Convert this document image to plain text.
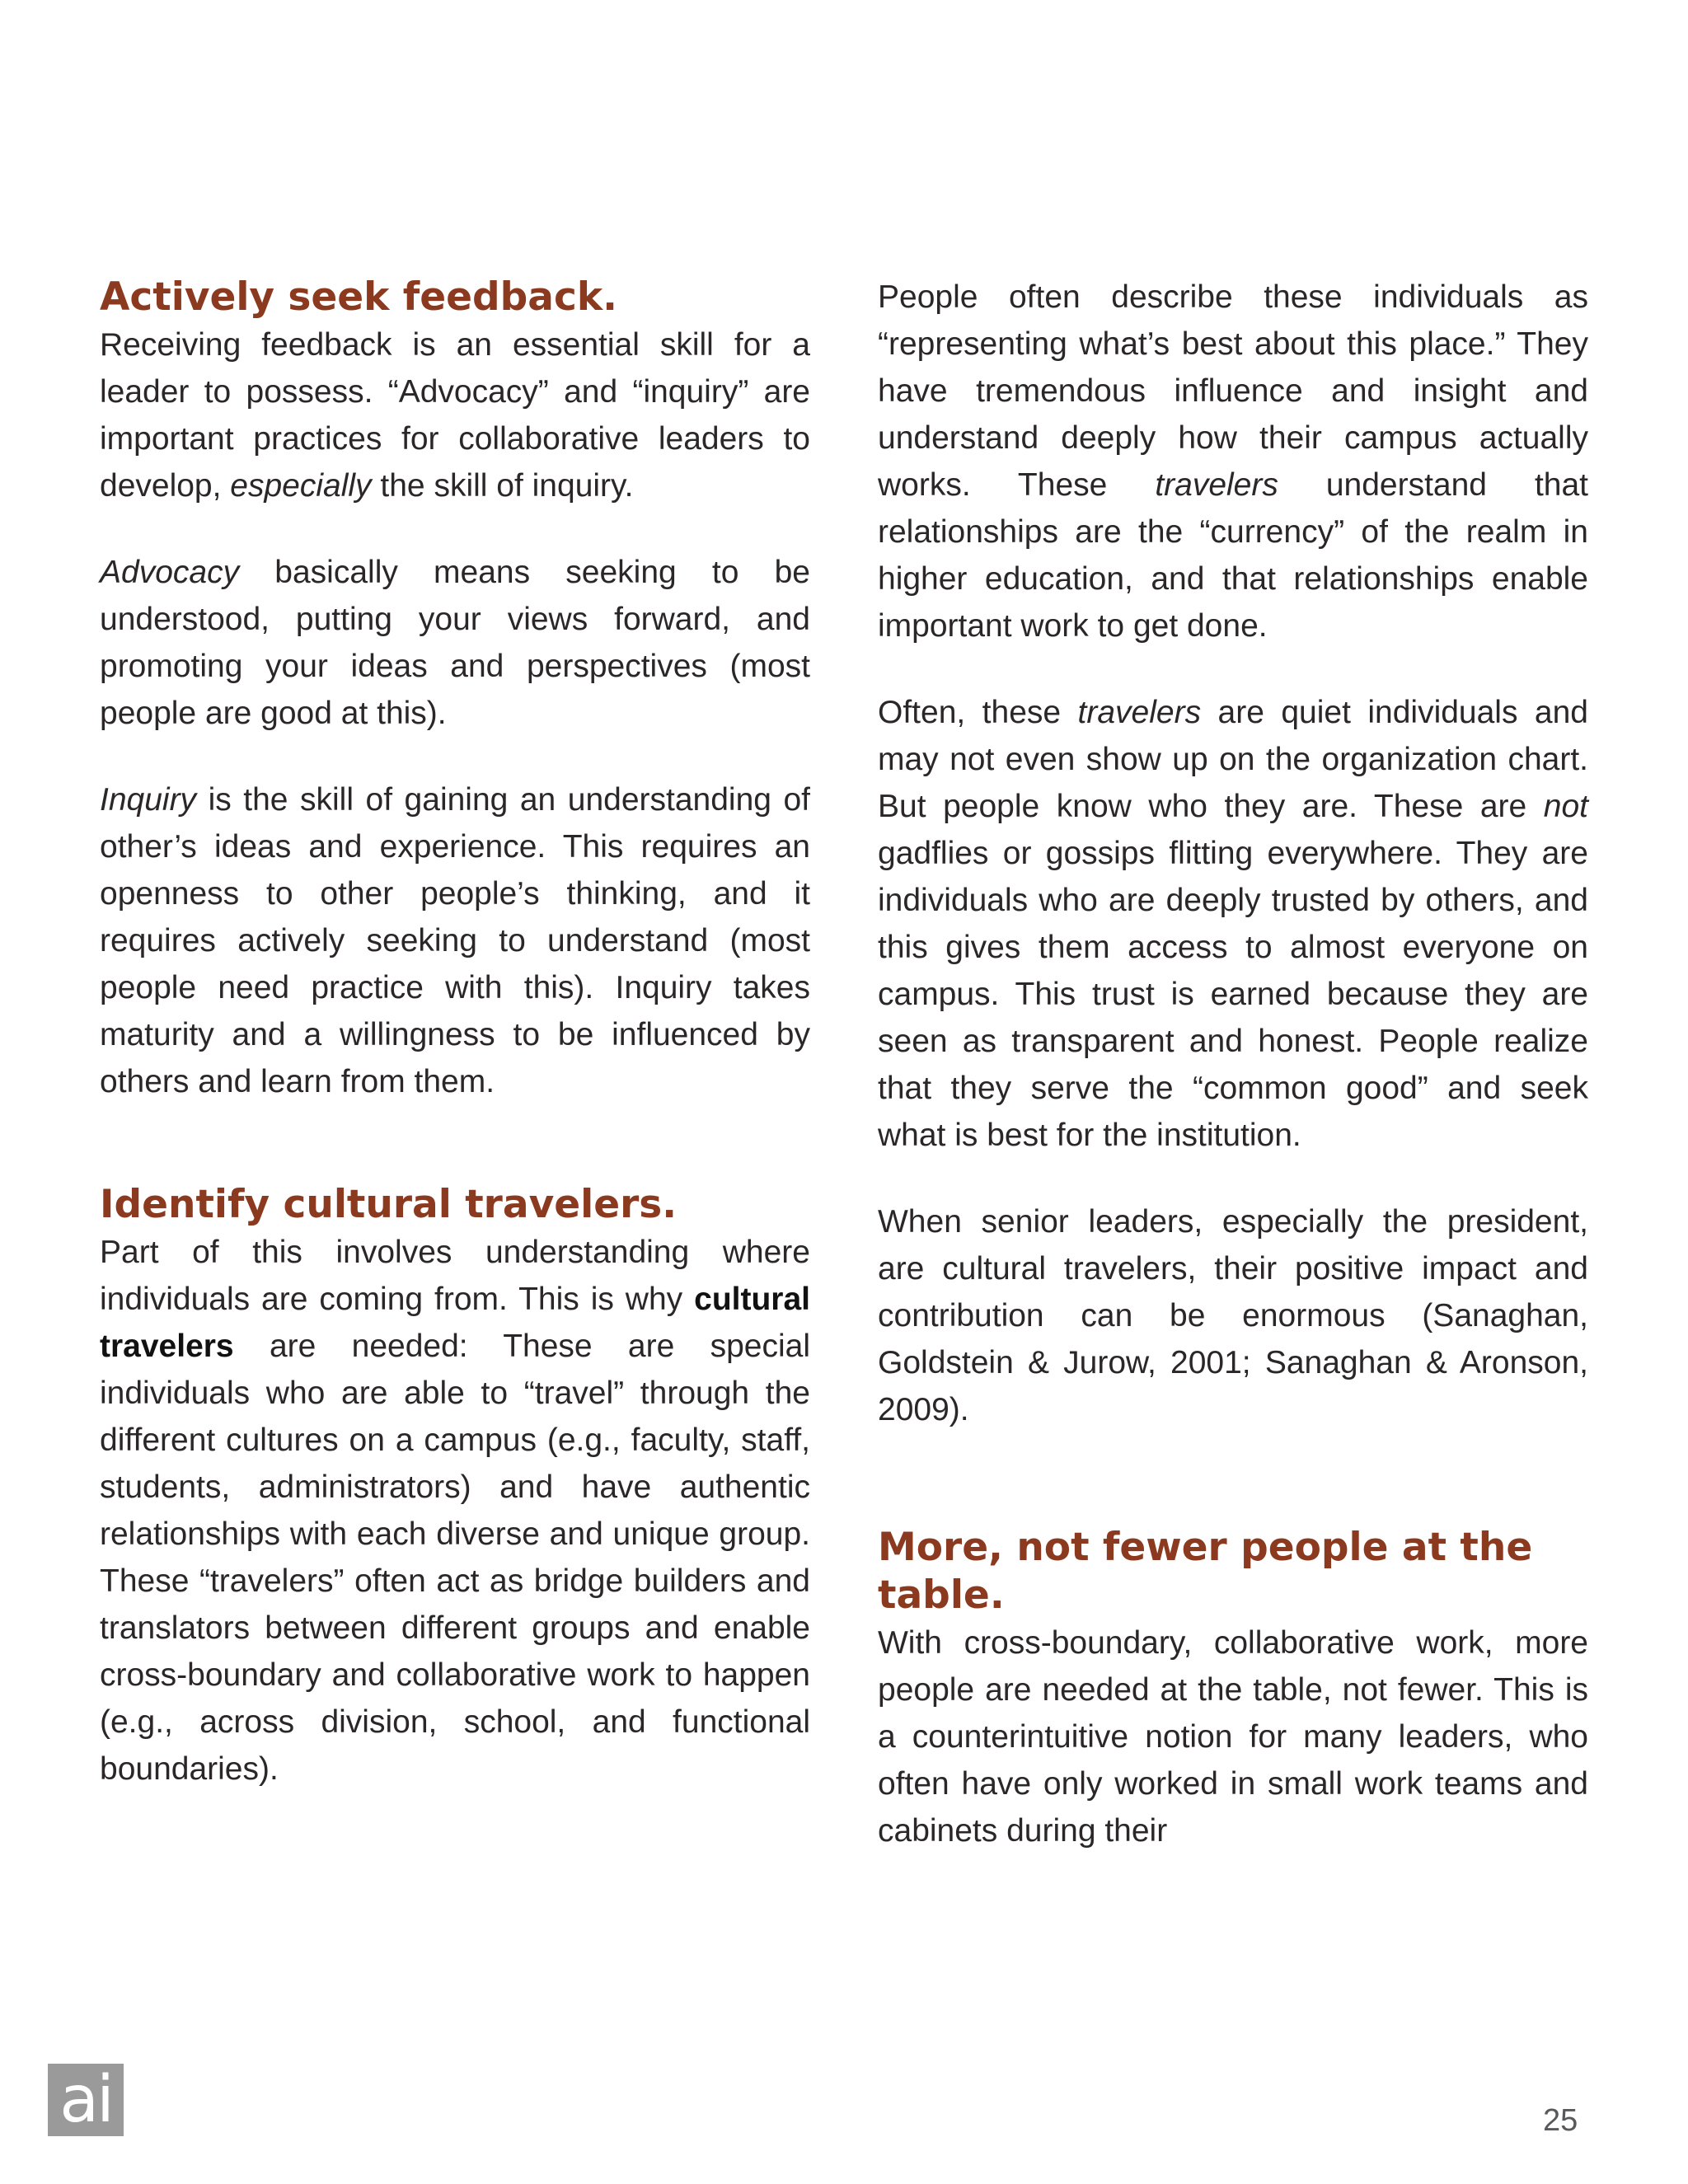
Actively seek feedback.

Receiving feedback is an essential skill for a leader to possess. “Advocacy” and “inquiry” are important practices for collaborative leaders to develop, especially the skill of inquiry.

Advocacy basically means seeking to be understood, putting your views forward, and promoting your ideas and perspectives (most people are good at this).

Inquiry is the skill of gaining an understanding of other’s ideas and experience. This requires an openness to other people’s thinking, and it requires actively seeking to understand (most people need practice with this). Inquiry takes maturity and a willingness to be influenced by others and learn from them.

Identify cultural travelers.

Part of this involves understanding where individuals are coming from. This is why cultural travelers are needed: These are special individuals who are able to “travel” through the different cultures on a campus (e.g., faculty, staff, students, administrators) and have authentic relationships with each diverse and unique group. These “travelers” often act as bridge builders and translators between different groups and enable cross-boundary and collaborative work to happen (e.g., across division, school, and functional boundaries).

People often describe these individuals as “representing what’s best about this place.” They have tremendous influence and insight and understand deeply how their campus actually works. These travelers understand that relationships are the “currency” of the realm in higher education, and that relationships enable important work to get done.

Often, these travelers are quiet individuals and may not even show up on the organization chart. But people know who they are. These are not gadflies or gossips flitting everywhere. They are individuals who are deeply trusted by others, and this gives them access to almost everyone on campus. This trust is earned because they are seen as transparent and honest. People realize that they serve the “common good” and seek what is best for the institution.

When senior leaders, especially the president, are cultural travelers, their positive impact and contribution can be enormous (Sanaghan, Goldstein & Jurow, 2001; Sanaghan & Aronson, 2009).

More, not fewer people at the table.

With cross-boundary, collaborative work, more people are needed at the table, not fewer. This is a counterintuitive notion for many leaders, who often have only worked in small work teams and cabinets during their

ai	25
